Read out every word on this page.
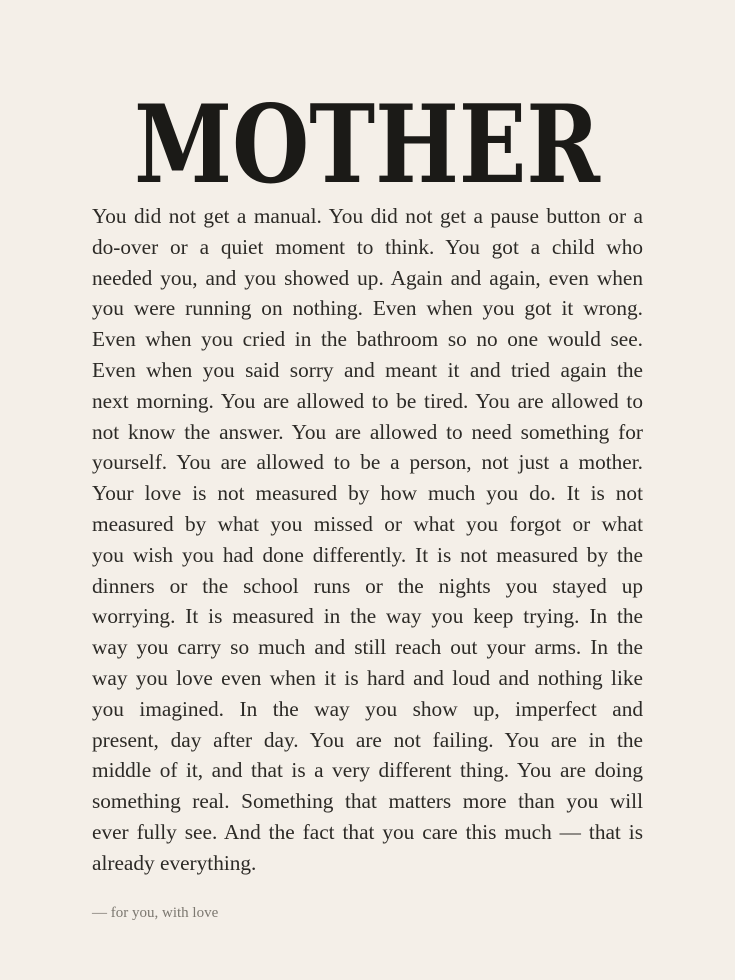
MOTHER
You did not get a manual. You did not get a pause button or a
do-over or a quiet moment to think. You got a child who
needed you, and you showed up. Again and again, even when
you were running on nothing. Even when you got it wrong.
Even when you cried in the bathroom so no one would see.
Even when you said sorry and meant it and tried again the
next morning. You are allowed to be tired. You are allowed to
not know the answer. You are allowed to need something for
yourself. You are allowed to be a person, not just a mother.
Your love is not measured by how much you do. It is not
measured by what you missed or what you forgot or what
you wish you had done differently. It is not measured by the
dinners or the school runs or the nights you stayed up
worrying. It is measured in the way you keep trying. In the
way you carry so much and still reach out your arms. In the
way you love even when it is hard and loud and nothing like
you imagined. In the way you show up, imperfect and
present, day after day. You are not failing. You are in the
middle of it, and that is a very different thing. You are doing
something real. Something that matters more than you will
ever fully see. And the fact that you care this much — that is
already everything.
— for you, with love
